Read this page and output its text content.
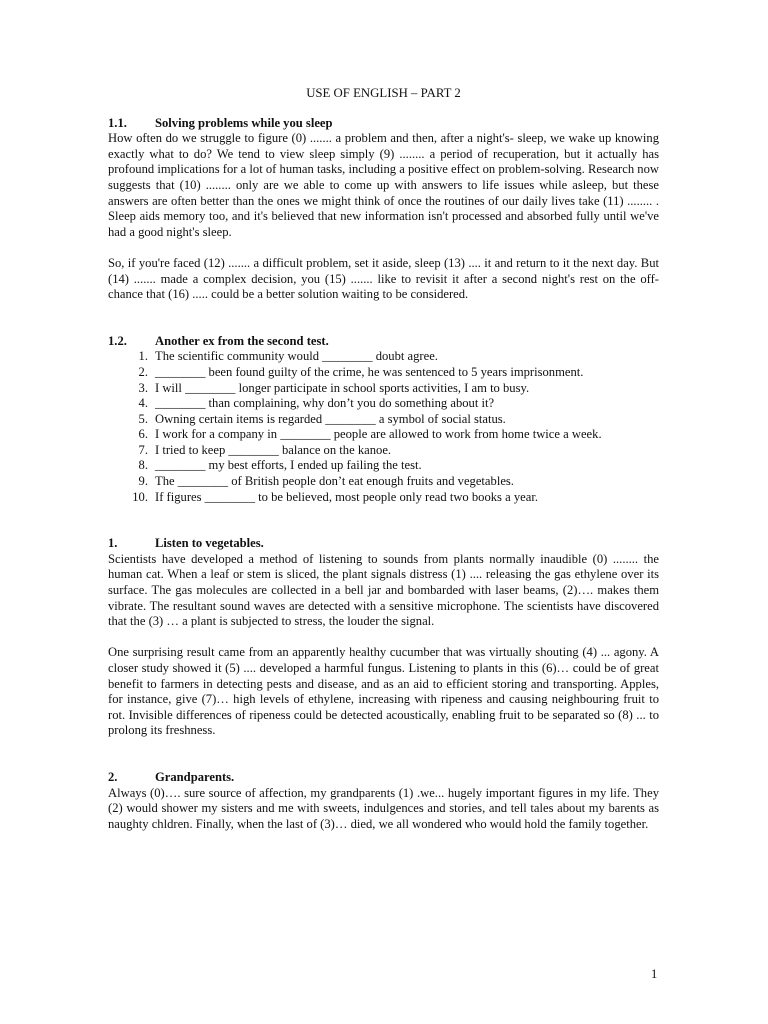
USE OF ENGLISH – PART 2

1.1. Solving problems while you sleep

How often do we struggle to figure (0) ....... a problem and then, after a night's- sleep, we wake up knowing exactly what to do? We tend to view sleep simply (9) ........ a period of recuperation, but it actually has profound implications for a lot of human tasks, including a positive effect on problem-solving. Research now suggests that (10) ........ only are we able to come up with answers to life issues while asleep, but these answers are often better than the ones we might think of once the routines of our daily lives take (11) ........ . Sleep aids memory too, and it's believed that new information isn't processed and absorbed fully until we've had a good night's sleep.

So, if you're faced (12) ....... a difficult problem, set it aside, sleep (13) .... it and return to it the next day. But (14) ....... made a complex decision, you (15) ....... like to revisit it after a second night's rest on the off-chance that (16) ..... could be a better solution waiting to be considered.

1.2. Another ex from the second test.

1. The scientific community would ________ doubt agree.
2. ________ been found guilty of the crime, he was sentenced to 5 years imprisonment.
3. I will ________ longer participate in school sports activities, I am to busy.
4. ________ than complaining, why don’t you do something about it?
5. Owning certain items is regarded ________ a symbol of social status.
6. I work for a company in ________ people are allowed to work from home twice a week.
7. I tried to keep ________ balance on the kanoe.
8. ________ my best efforts, I ended up failing the test.
9. The ________ of British people don’t eat enough fruits and vegetables.
10. If figures ________ to be believed, most people only read two books a year.

1.	Listen to vegetables.

Scientists have developed a method of listening to sounds from plants normally inaudible (0) ........ the human cat. When a leaf or stem is sliced, the plant signals distress (1) .... releasing the gas ethylene over its surface. The gas molecules are collected in a bell jar and bombarded with laser beams, (2)…. makes them vibrate. The resultant sound waves are detected with a sensitive microphone. The scientists have discovered that the (3) … a plant is subjected to stress, the louder the signal.

One surprising result came from an apparently healthy cucumber that was virtually shouting (4) ... agony. A closer study showed it (5) .... developed a harmful fungus. Listening to plants in this (6)… could be of great benefit to farmers in detecting pests and disease, and as an aid to efficient storing and transporting. Apples, for instance, give (7)… high levels of ethylene, increasing with ripeness and causing neighbouring fruit to rot. Invisible differences of ripeness could be detected acoustically, enabling fruit to be separated so (8) ... to prolong its freshness.

2.	Grandparents.

Always (0)…. sure source of affection, my grandparents (1) .we... hugely important figures in my life. They (2) would shower my sisters and me with sweets, indulgences and stories, and tell tales about my barents as naughty chldren. Finally, when the last of (3)… died, we all wondered who would hold the family together.

1
